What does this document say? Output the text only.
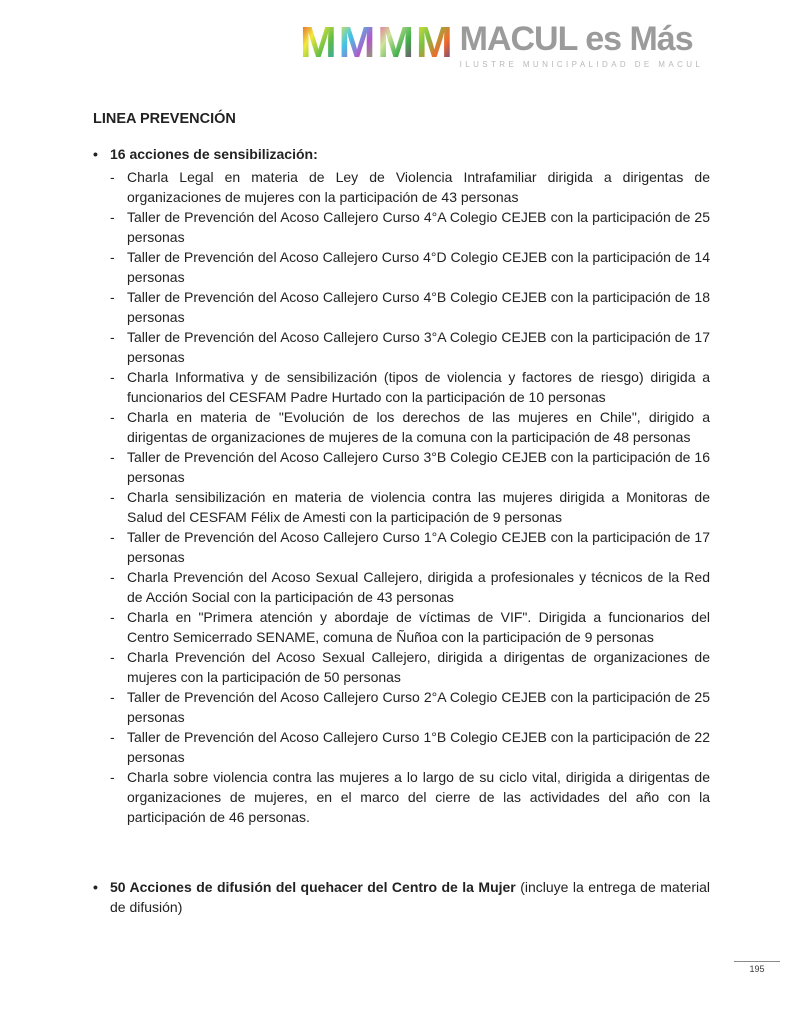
M M M M MACUL es Más
ILUSTRE MUNICIPALIDAD DE MACUL
LINEA PREVENCIÓN
• 16 acciones de sensibilización:
- Charla Legal en materia de Ley de Violencia Intrafamiliar dirigida a dirigentas de organizaciones de mujeres con la participación de 43 personas
- Taller de Prevención del Acoso Callejero Curso 4°A Colegio CEJEB con la participación de 25 personas
- Taller de Prevención del Acoso Callejero Curso 4°D Colegio CEJEB con la participación de 14 personas
- Taller de Prevención del Acoso Callejero Curso 4°B Colegio CEJEB con la participación de 18 personas
- Taller de Prevención del Acoso Callejero Curso 3°A Colegio CEJEB con la participación de 17 personas
- Charla Informativa y de sensibilización (tipos de violencia y factores de riesgo) dirigida a funcionarios del CESFAM Padre Hurtado con la participación de 10 personas
- Charla en materia de "Evolución de los derechos de las mujeres en Chile", dirigido a dirigentas de organizaciones de mujeres de la comuna con la participación de 48 personas
- Taller de Prevención del Acoso Callejero Curso 3°B Colegio CEJEB con la participación de 16 personas
- Charla sensibilización en materia de violencia contra las mujeres dirigida a Monitoras de Salud del CESFAM Félix de Amesti con la participación de 9 personas
- Taller de Prevención del Acoso Callejero Curso 1°A Colegio CEJEB con la participación de 17 personas
- Charla Prevención del Acoso Sexual Callejero, dirigida a profesionales y técnicos de la Red de Acción Social con la participación de 43 personas
- Charla en "Primera atención y abordaje de víctimas de VIF". Dirigida a funcionarios del Centro Semicerrado SENAME, comuna de Ñuñoa con la participación de 9 personas
- Charla Prevención del Acoso Sexual Callejero, dirigida a dirigentas de organizaciones de mujeres con la participación de 50 personas
- Taller de Prevención del Acoso Callejero Curso 2°A Colegio CEJEB con la participación de 25 personas
- Taller de Prevención del Acoso Callejero Curso 1°B Colegio CEJEB con la participación de 22 personas
- Charla sobre violencia contra las mujeres a lo largo de su ciclo vital, dirigida a dirigentas de organizaciones de mujeres, en el marco del cierre de las actividades del año con la participación de 46 personas.
• 50 Acciones de difusión del quehacer del Centro de la Mujer (incluye la entrega de material de difusión)
195
